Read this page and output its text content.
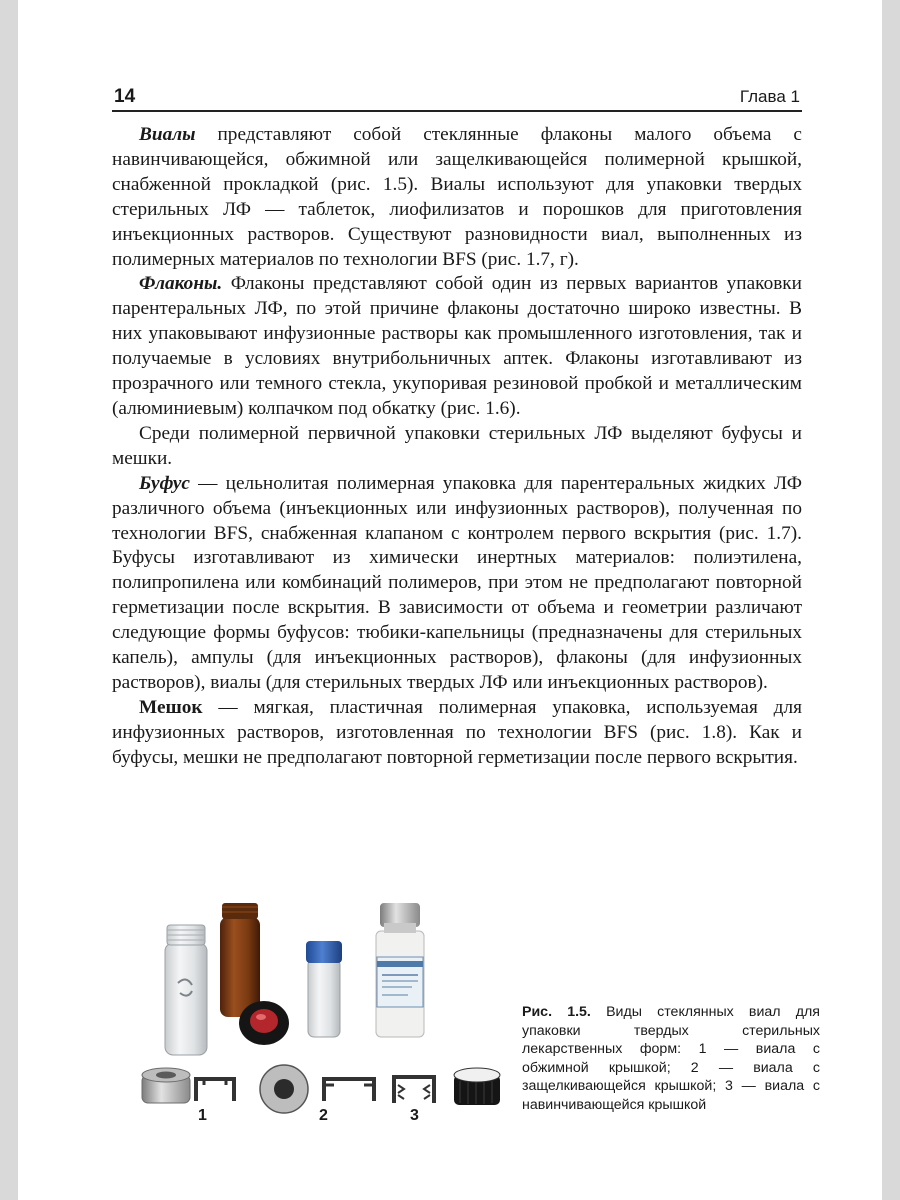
14	Глава 1

Виалы представляют собой стеклянные флаконы малого объема с навинчивающейся, обжимной или защелкивающейся полимерной крышкой, снабженной прокладкой (рис. 1.5). Виалы используют для упаковки твердых стерильных ЛФ — таблеток, лиофилизатов и порошков для приготовления инъекционных растворов. Существуют разновидности виал, выполненных из полимерных материалов по технологии BFS (рис. 1.7, г).

Флаконы. Флаконы представляют собой один из первых вариантов упаковки парентеральных ЛФ, по этой причине флаконы достаточно широко известны. В них упаковывают инфузионные растворы как промышленного изготовления, так и получаемые в условиях внутрибольничных аптек. Флаконы изготавливают из прозрачного или темного стекла, укупоривая резиновой пробкой и металлическим (алюминиевым) колпачком под обкатку (рис. 1.6).

Среди полимерной первичной упаковки стерильных ЛФ выделяют буфусы и мешки.

Буфус — цельнолитая полимерная упаковка для парентеральных жидких ЛФ различного объема (инъекционных или инфузионных растворов), полученная по технологии BFS, снабженная клапаном с контролем первого вскрытия (рис. 1.7). Буфусы изготавливают из химически инертных материалов: полиэтилена, полипропилена или комбинаций полимеров, при этом не предполагают повторной герметизации после вскрытия. В зависимости от объема и геометрии различают следующие формы буфусов: тюбики-капельницы (предназначены для стерильных капель), ампулы (для инъекционных растворов), флаконы (для инфузионных растворов), виалы (для стерильных твердых ЛФ или инъекционных растворов).

Мешок — мягкая, пластичная полимерная упаковка, используемая для инфузионных растворов, изготовленная по технологии BFS (рис. 1.8). Как и буфусы, мешки не предполагают повторной герметизации после первого вскрытия.

1	2	3
Рис. 1.5. Виды стеклянных виал для упаковки твердых стерильных лекарственных форм: 1 — виала с обжимной крышкой; 2 — виала с защелкивающейся крышкой; 3 — виала с навинчивающейся крышкой
